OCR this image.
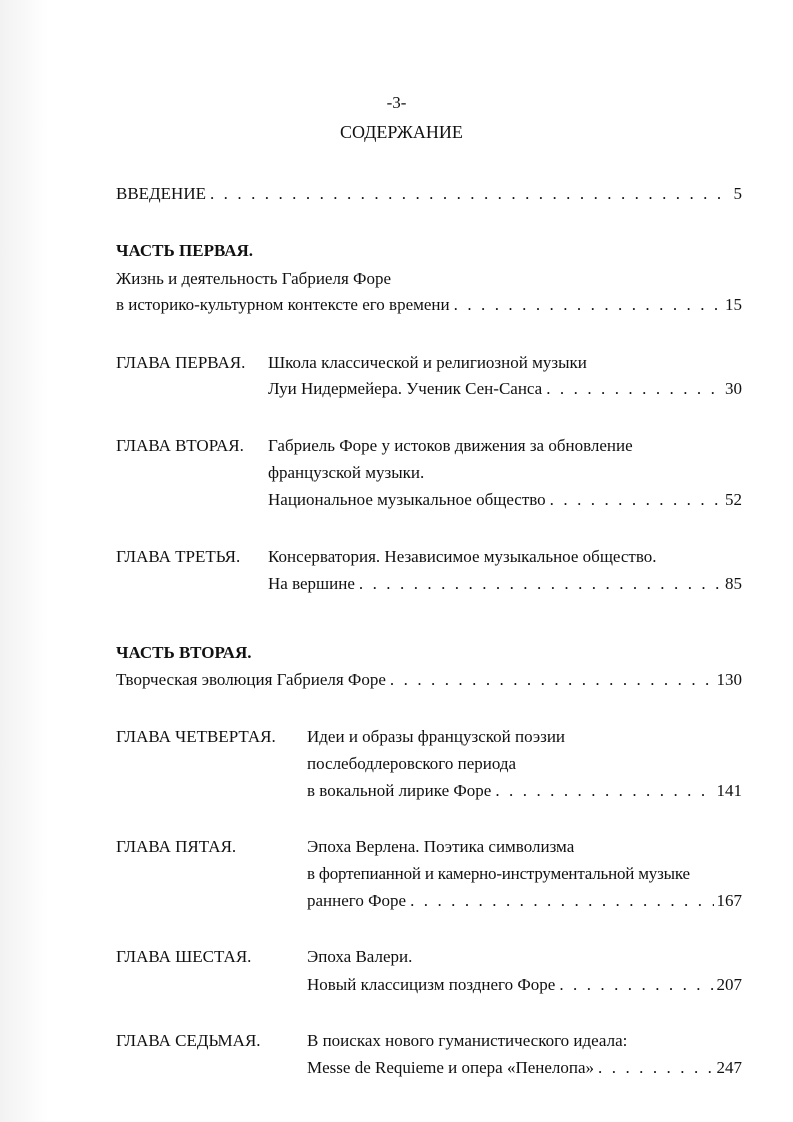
-3-
СОДЕРЖАНИЕ
ВВЕДЕНИЕ . . .	5
ЧАСТЬ ПЕРВАЯ.
Жизнь и деятельность Габриеля Форе
в историко-культурном контексте его времени . . .	15
ГЛАВА ПЕРВАЯ. Школа классической и религиозной музыки
Луи Нидермейера. Ученик Сен-Санса . . .	30
ГЛАВА ВТОРАЯ. Габриель Форе у истоков движения за обновление
французской музыки.
Национальное музыкальное общество . . .	52
ГЛАВА ТРЕТЬЯ. Консерватория. Независимое музыкальное общество.
На вершине . . .	85
ЧАСТЬ ВТОРАЯ.
Творческая эволюция Габриеля Форе . . .	130
ГЛАВА ЧЕТВЕРТАЯ. Идеи и образы французской поэзии
послебодлеровского периода
в вокальной лирике Форе . . .	141
ГЛАВА ПЯТАЯ.	Эпоха Верлена. Поэтика символизма
в фортепианной и камерно-инструментальной музыке
раннего Форе . . .	167
ГЛАВА ШЕСТАЯ.	Эпоха Валери.
Новый классицизм позднего Форе . . .	207
ГЛАВА СЕДЬМАЯ.	В поисках нового гуманистического идеала:
Messe de Requieme и опера «Пенелопа» . . .	247
